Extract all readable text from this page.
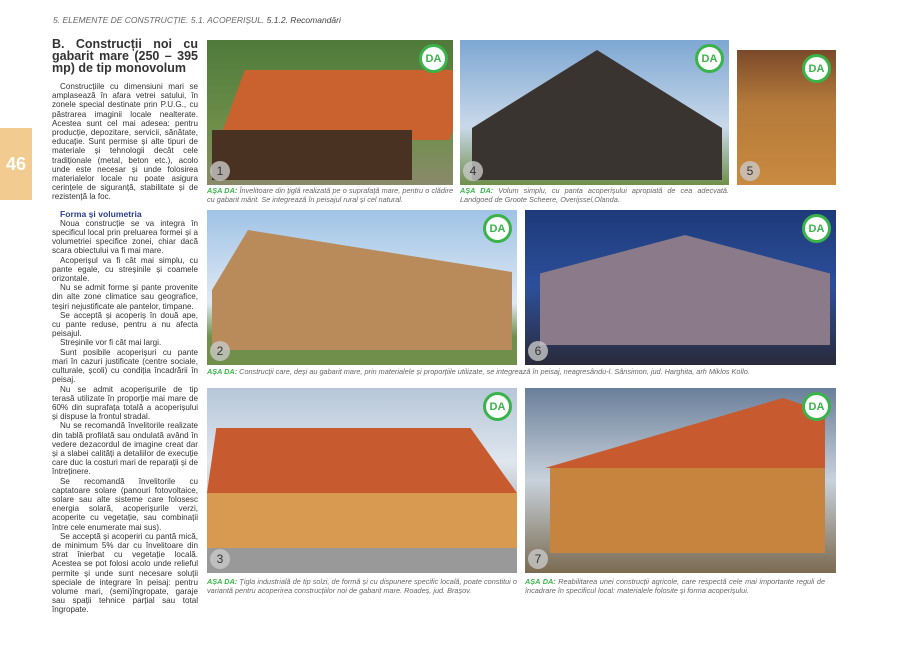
5. ELEMENTE DE CONSTRUCȚIE. 5.1. ACOPERIȘUL. 5.1.2. Recomandări
46
B. Construcții noi cu gabarit mare (250 – 395 mp) de tip monovolum

Construcțiile cu dimensiuni mari se amplasează în afara vetrei satului, în zonele special destinate prin P.U.G., cu păstrarea imaginii locale nealterate. Acestea sunt cel mai adesea: pentru producție, depozitare, servicii, sănătate, educație. Sunt permise și alte tipuri de materiale și tehnologii decât cele tradiționale (metal, beton etc.), acolo unde este necesar și unde folosirea materialelor locale nu poate asigura cerințele de siguranță, stabilitate și de rezistență la foc.

Forma și volumetria

Noua construcție se va integra în specificul local prin preluarea formei și a volumetriei specifice zonei, chiar dacă scara obiectului va fi mai mare.

Acoperișul va fi cât mai simplu, cu pante egale, cu streșinile și coamele orizontale.

Nu se admit forme și pante provenite din alte zone climatice sau geografice, teșiri nejustificate ale pantelor, timpane.

Se acceptă și acoperiș în două ape, cu pante reduse, pentru a nu afecta peisajul.

Streșinile vor fi cât mai largi.

Sunt posibile acoperișuri cu pante mari în cazuri justificate (centre sociale, culturale, școli) cu condiția încadrării în peisaj.

Nu se admit acoperișurile de tip terasă utilizate în proporție mai mare de 60% din suprafața totală a acoperișului și dispuse la frontul stradal.

Nu se recomandă învelitorile realizate din tablă profilată sau ondulată având în vedere dezacordul de imagine creat dar și a slabei calități a detaliilor de execuție care duc la costuri mari de reparații și de întreținere.

Se recomandă învelitorile cu captatoare solare (panouri fotovoltaice, solare sau alte sisteme care folosesc energia solară, acoperișurile verzi, acoperite cu vegetație, sau combinații între cele enumerate mai sus).

Se acceptă și acoperiri cu pantă mică, de minimum 5% dar cu învelitoare din strat înierbat cu vegetație locală. Acestea se pot folosi acolo unde relieful permite și unde sunt necesare soluții speciale de integrare în peisaj: pentru volume mari, (semi)îngropate, garaje sau spații tehnice parțial sau total îngropate.

DA
1
DA
4
DA
5
AȘA DA: Învelitoare din țiglă realizată pe o suprafață mare, pentru o clădire cu gabarit mărit. Se integrează în peisajul rural și cel natural.
AȘA DA: Volum simplu, cu panta acoperișului apropiată de cea adecvată. Landgoed de Groote Scheere, Overijssel,Olanda.
DA
2
DA
6
AȘA DA: Construcții care, deși au gabarit mare, prin materialele și proporțiile utilizate, se integrează în peisaj, neagresându-l. Sânsimon, jud. Harghita, arh Miklos Kollo.
DA
3
DA
7
AȘA DA: Țigla industrială de tip solzi, de formă și cu dispunere specific locală, poate constitui o variantă pentru acoperirea construcțiilor noi de gabarit mare. Roadeș, jud. Brașov.
AȘA DA: Reabilitarea unei construcții agricole, care respectă cele mai importante reguli de încadrare în specificul local: materialele folosite și forma acoperișului.
